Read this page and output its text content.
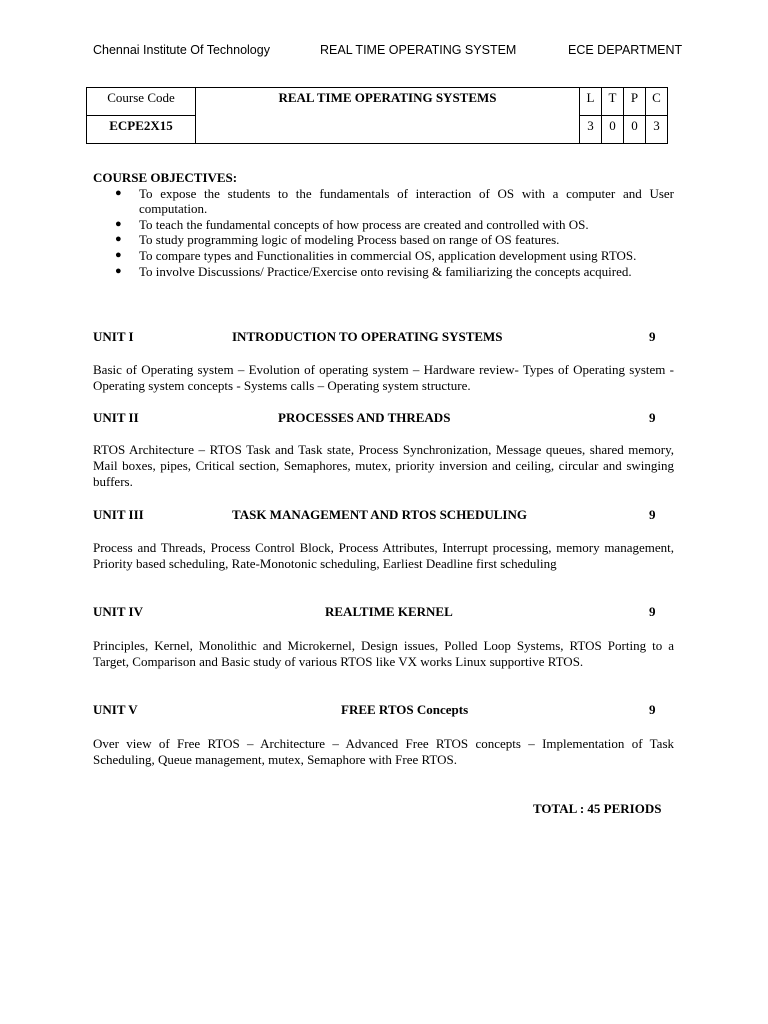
Chennai Institute Of Technology	REAL TIME OPERATING SYSTEM	ECE DEPARTMENT
Course Code	REAL TIME OPERATING SYSTEMS	L	T	P	C
ECPE2X15		3	0	0	3
COURSE OBJECTIVES:
● To expose the students to the fundamentals of interaction of OS with a computer and User computation.
● To teach the fundamental concepts of how process are created and controlled with OS.
● To study programming logic of modeling Process based on range of OS features.
● To compare types and Functionalities in commercial OS, application development using RTOS.
● To involve Discussions/ Practice/Exercise onto revising & familiarizing the concepts acquired.
UNIT I	INTRODUCTION TO OPERATING SYSTEMS	9
Basic of Operating system – Evolution of operating system – Hardware review- Types of Operating system - Operating system concepts - Systems calls – Operating system structure.
UNIT II	PROCESSES AND THREADS	9
RTOS Architecture – RTOS Task and Task state, Process Synchronization, Message queues, shared memory, Mail boxes, pipes, Critical section, Semaphores, mutex, priority inversion and ceiling, circular and swinging buffers.
UNIT III	TASK MANAGEMENT AND RTOS SCHEDULING	9
Process and Threads, Process Control Block, Process Attributes, Interrupt processing, memory management, Priority based scheduling, Rate-Monotonic scheduling, Earliest Deadline first scheduling
UNIT IV	REALTIME KERNEL	9
Principles, Kernel, Monolithic and Microkernel, Design issues, Polled Loop Systems, RTOS Porting to a Target, Comparison and Basic study of various RTOS like VX works Linux supportive RTOS.
UNIT V	FREE RTOS Concepts	9
Over view of Free RTOS – Architecture – Advanced Free RTOS concepts – Implementation of Task Scheduling, Queue management, mutex, Semaphore with Free RTOS.
TOTAL : 45 PERIODS
